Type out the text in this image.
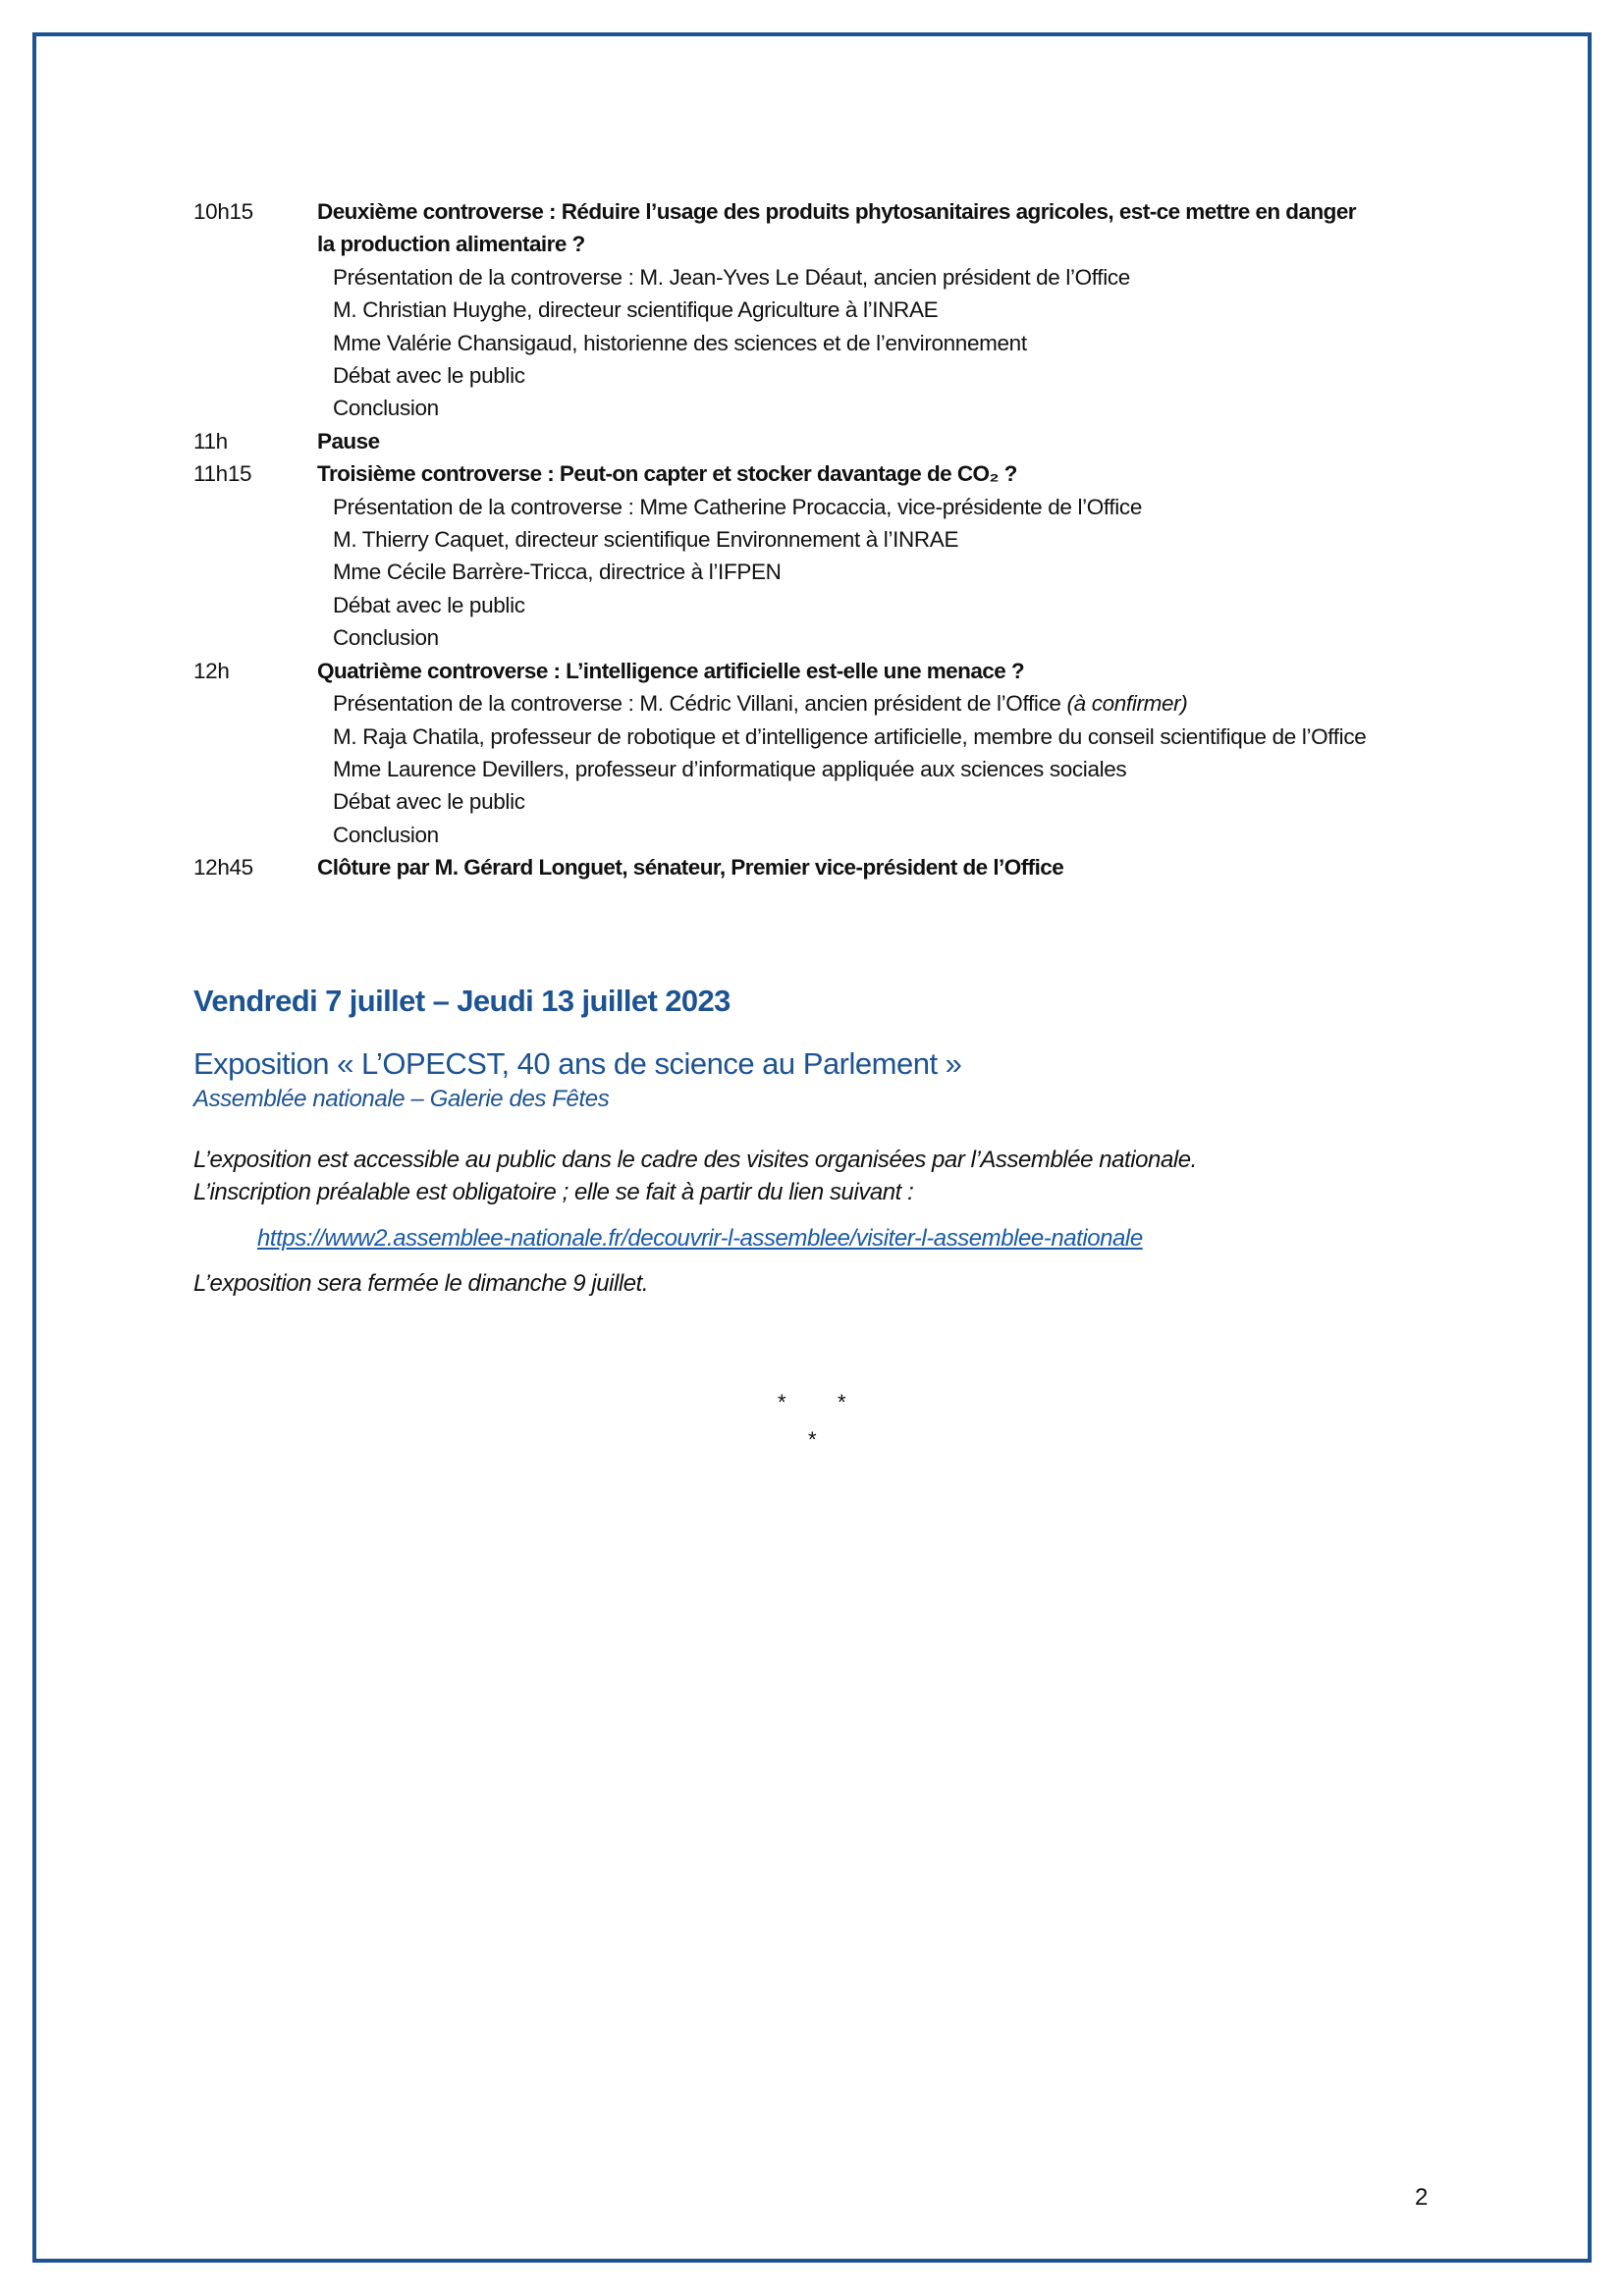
10h15	Deuxième controverse : Réduire l’usage des produits phytosanitaires agricoles, est-ce mettre en danger la production alimentaire ?
Présentation de la controverse : M. Jean-Yves Le Déaut, ancien président de l’Office
M. Christian Huyghe, directeur scientifique Agriculture à l’INRAE
Mme Valérie Chansigaud, historienne des sciences et de l’environnement
Débat avec le public
Conclusion
11h	Pause
11h15	Troisième controverse : Peut-on capter et stocker davantage de CO₂ ?
Présentation de la controverse : Mme Catherine Procaccia, vice-présidente de l’Office
M. Thierry Caquet, directeur scientifique Environnement à l’INRAE
Mme Cécile Barrère-Tricca, directrice à l’IFPEN
Débat avec le public
Conclusion
12h	Quatrième controverse : L’intelligence artificielle est-elle une menace ?
Présentation de la controverse : M. Cédric Villani, ancien président de l’Office (à confirmer)
M. Raja Chatila, professeur de robotique et d’intelligence artificielle, membre du conseil scientifique de l’Office
Mme Laurence Devillers, professeur d’informatique appliquée aux sciences sociales
Débat avec le public
Conclusion
12h45	Clôture par M. Gérard Longuet, sénateur, Premier vice-président de l’Office
Vendredi 7 juillet – Jeudi 13 juillet 2023
Exposition « L’OPECST, 40 ans de science au Parlement »
Assemblée nationale – Galerie des Fêtes
L’exposition est accessible au public dans le cadre des visites organisées par l’Assemblée nationale.
L’inscription préalable est obligatoire ; elle se fait à partir du lien suivant :
https://www2.assemblee-nationale.fr/decouvrir-l-assemblee/visiter-l-assemblee-nationale
L’exposition sera fermée le dimanche 9 juillet.
* *
*
2
